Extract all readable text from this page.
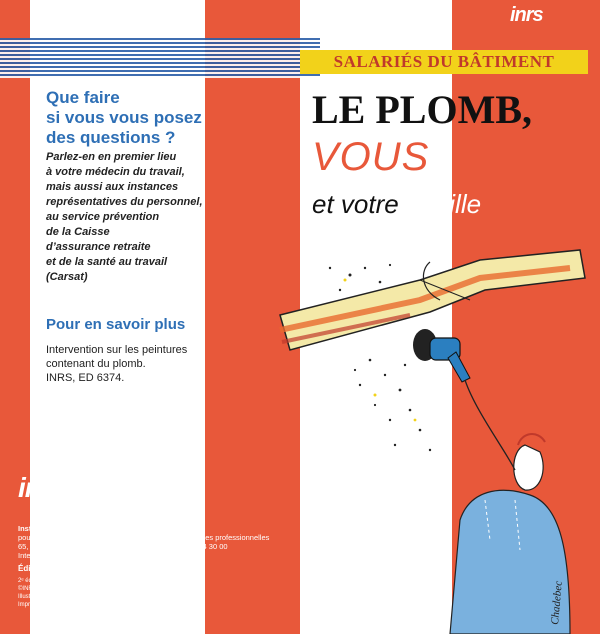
inrs
SALARIÉS DU BÂTIMENT
Que faire
si vous vous posez
des questions ?
Parlez-en en premier lieu
à votre médecin du travail,
mais aussi aux instances
représentatives du personnel,
au service prévention
de la Caisse
d’assurance retraite
et de la santé au travail
(Carsat)
Pour en savoir plus
Intervention sur les peintures
contenant du plomb.
INRS, ED 6374.
LE PLOMB,
VOUS
et votre famille
Chadebec
inrs
Institut National de Recherche et de Sécurité
Institut national de recherche et de sécurité
pour la prévention des accidents du travail et des maladies professionnelles
65, boulevard Richard-Lenoir 75011 Paris • Tél. 01 40 44 30 00
Internet : www.inrs.fr • e-mail : info@inrs.fr
Édition INRS ED 899
2ᵉ édition • juillet 2020 • 3 000 ex. • ISBN 978-2-7389-2586-2
©INRS • Conception Bruno Courtois
Illustrations Bernard Chadebec • Graphisme Béatrice-Anne Fournier
Impression Stipa
